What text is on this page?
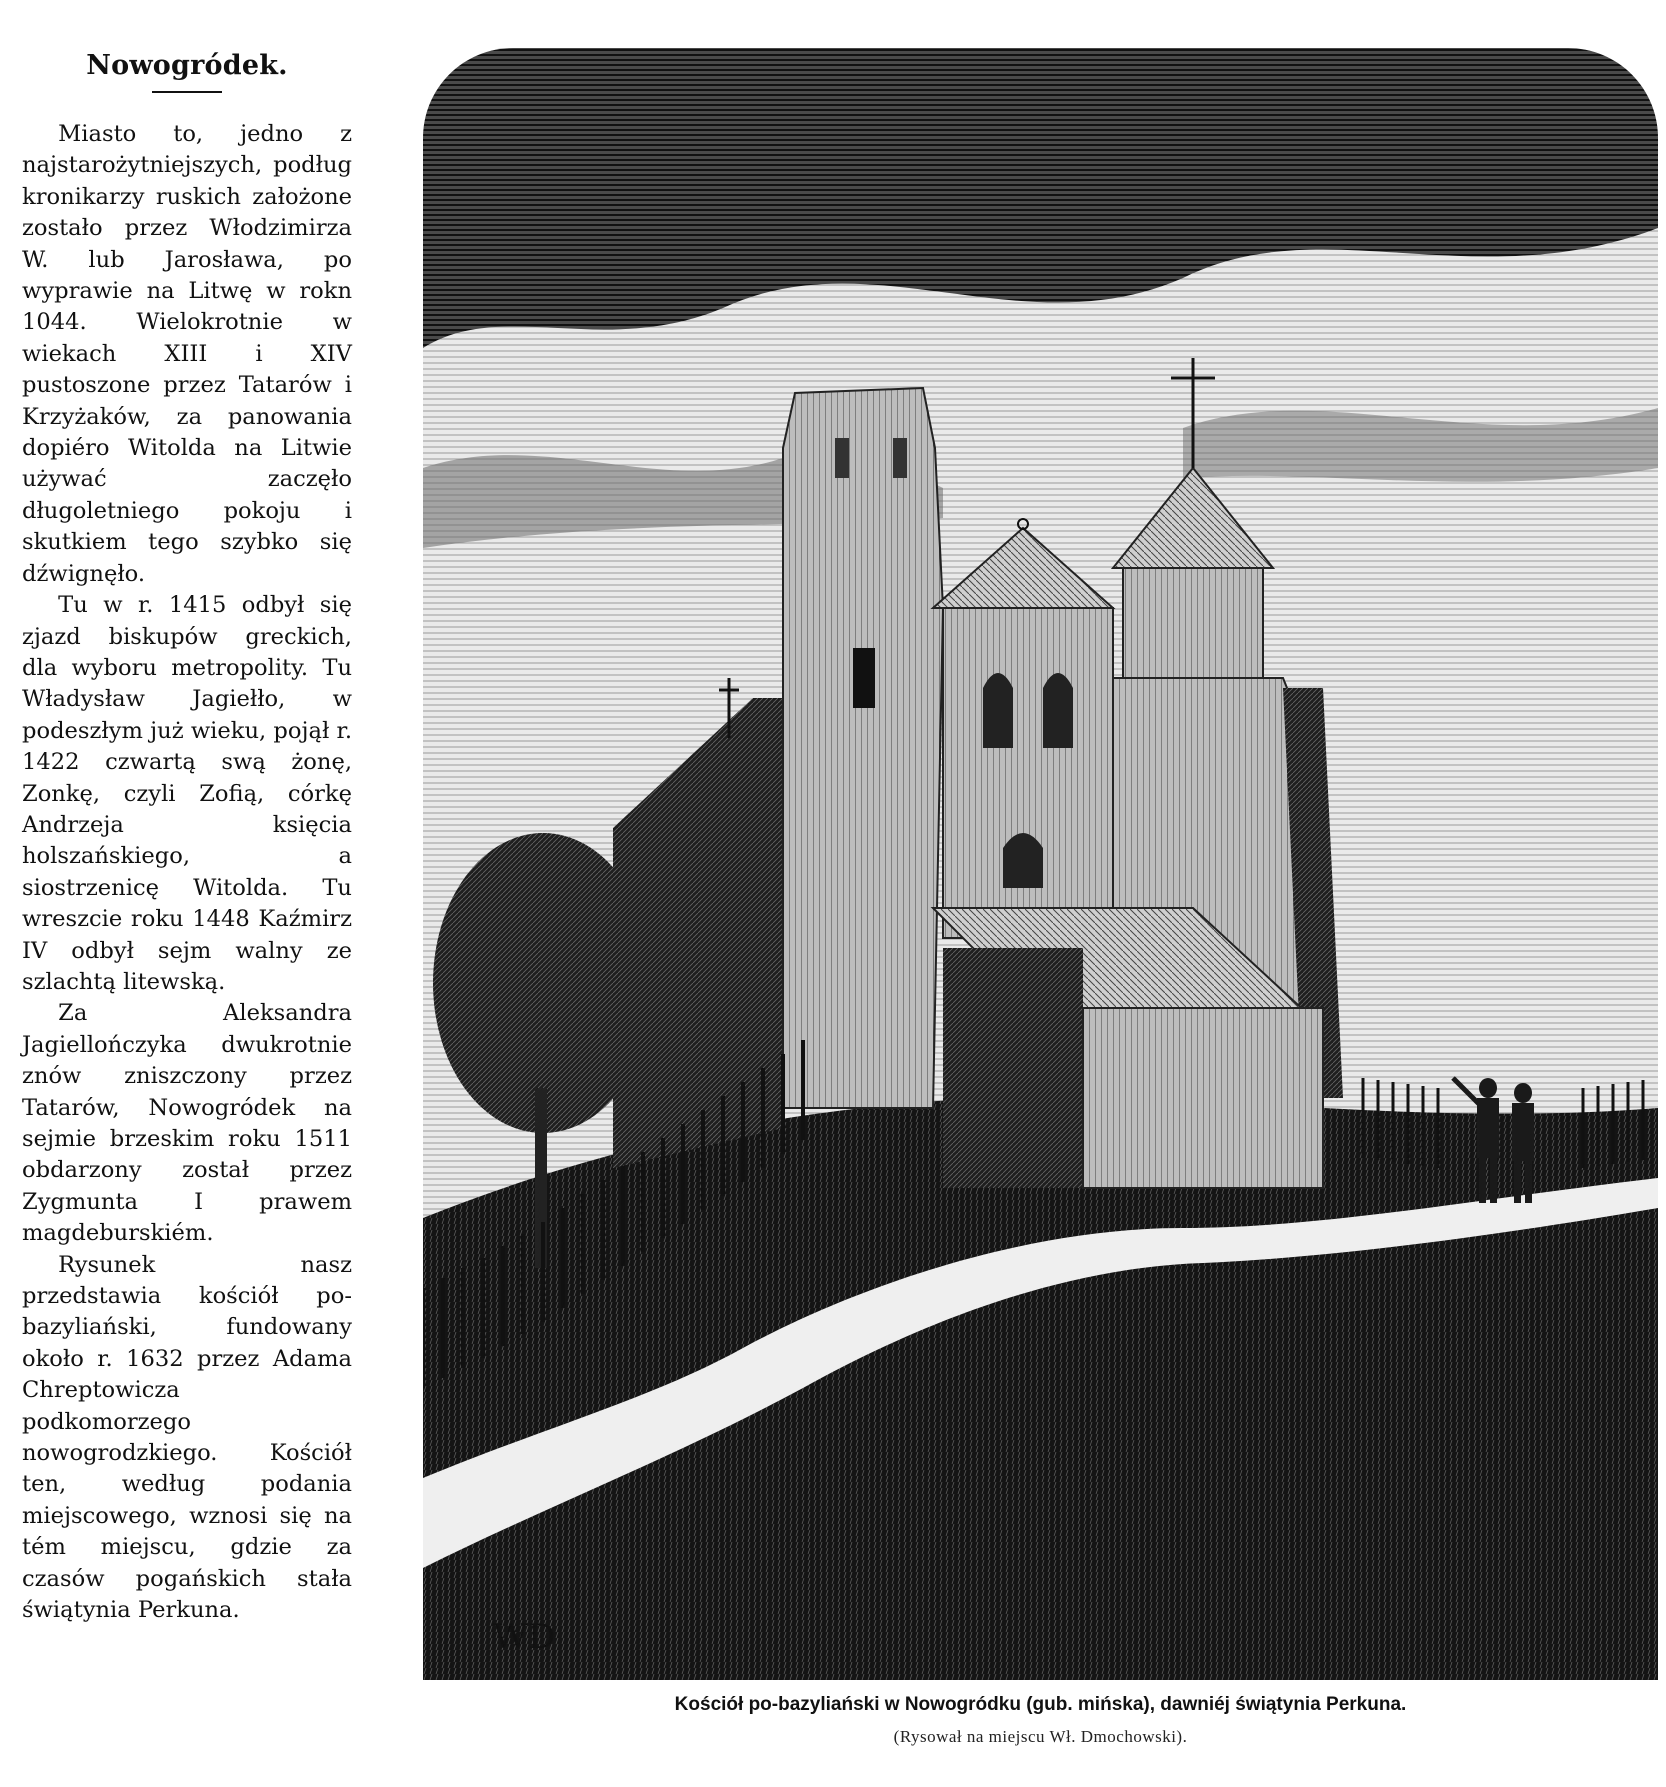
Nowogródek.

Miasto to, jedno z najstarożytniejszych, podług kronikarzy ruskich założone zostało przez Włodzimirza W. lub Jarosława, po wyprawie na Litwę w rokn 1044. Wielokrotnie w wiekach XIII i XIV pustoszone przez Tatarów i Krzyżaków, za panowania dopiéro Witolda na Litwie używać zaczęło długoletniego pokoju i skutkiem tego szybko się dźwignęło.

Tu w r. 1415 odbył się zjazd biskupów greckich, dla wyboru metropolity. Tu Władysław Jagiełło, w podeszłym już wieku, pojął r. 1422 czwartą swą żonę, Zonkę, czyli Zofią, córkę Andrzeja księcia holszańskiego, a siostrzenicę Witolda. Tu wreszcie roku 1448 Kaźmirz IV odbył sejm walny ze szlachtą litewską.

Za Aleksandra Jagiellończyka dwukrotnie znów zniszczony przez Tatarów, Nowogródek na sejmie brzeskim roku 1511 obdarzony został przez Zygmunta I prawem magdeburskiém.

Rysunek nasz przedstawia kościół po-bazyliański, fundowany około r. 1632 przez Adama Chreptowicza podkomorzego nowogrodzkiego. Kościół ten, według podania miejscowego, wznosi się na tém miejscu, gdzie za czasów pogańskich stała świątynia Perkuna.

WD
Kościół po-bazyliański w Nowogródku (gub. mińska), dawniéj świątynia Perkuna.
(Rysował na miejscu Wł. Dmochowski).
